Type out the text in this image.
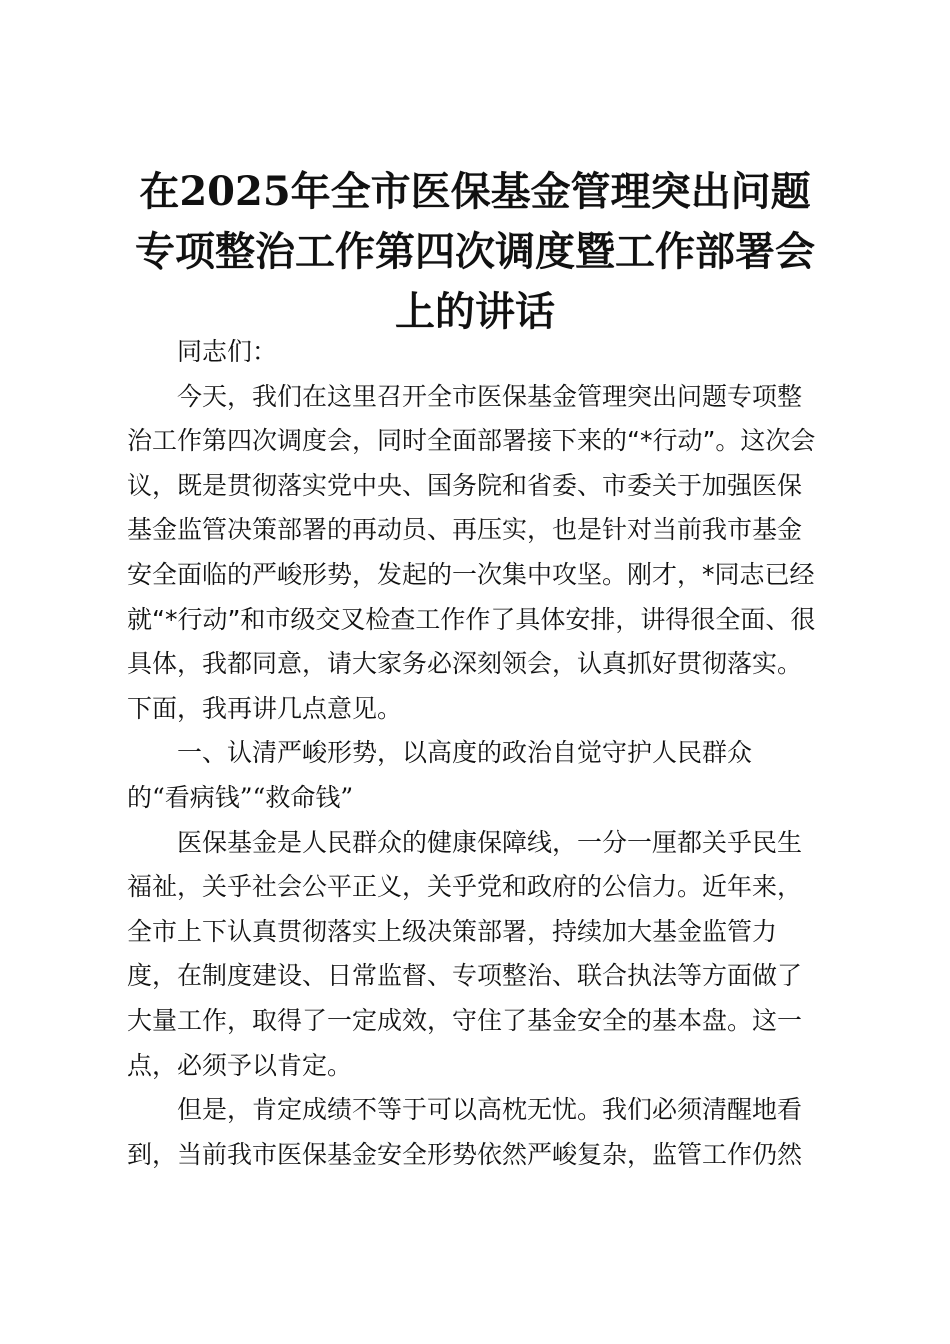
在2025年全市医保基金管理突出问题
专项整治工作第四次调度暨工作部署会
上的讲话

同志们：

今天，我们在这里召开全市医保基金管理突出问题专项整
治工作第四次调度会，同时全面部署接下来的“*行动”。这次会
议，既是贯彻落实党中央、国务院和省委、市委关于加强医保
基金监管决策部署的再动员、再压实，也是针对当前我市基金
安全面临的严峻形势，发起的一次集中攻坚。刚才，*同志已经
就“*行动”和市级交叉检查工作作了具体安排，讲得很全面、很
具体，我都同意，请大家务必深刻领会，认真抓好贯彻落实。
下面，我再讲几点意见。

一、认清严峻形势，以高度的政治自觉守护人民群众
的“看病钱”“救命钱”

医保基金是人民群众的健康保障线，一分一厘都关乎民生
福祉，关乎社会公平正义，关乎党和政府的公信力。近年来，
全市上下认真贯彻落实上级决策部署，持续加大基金监管力
度，在制度建设、日常监督、专项整治、联合执法等方面做了
大量工作，取得了一定成效，守住了基金安全的基本盘。这一
点，必须予以肯定。

但是，肯定成绩不等于可以高枕无忧。我们必须清醒地看
到，当前我市医保基金安全形势依然严峻复杂，监管工作仍然
